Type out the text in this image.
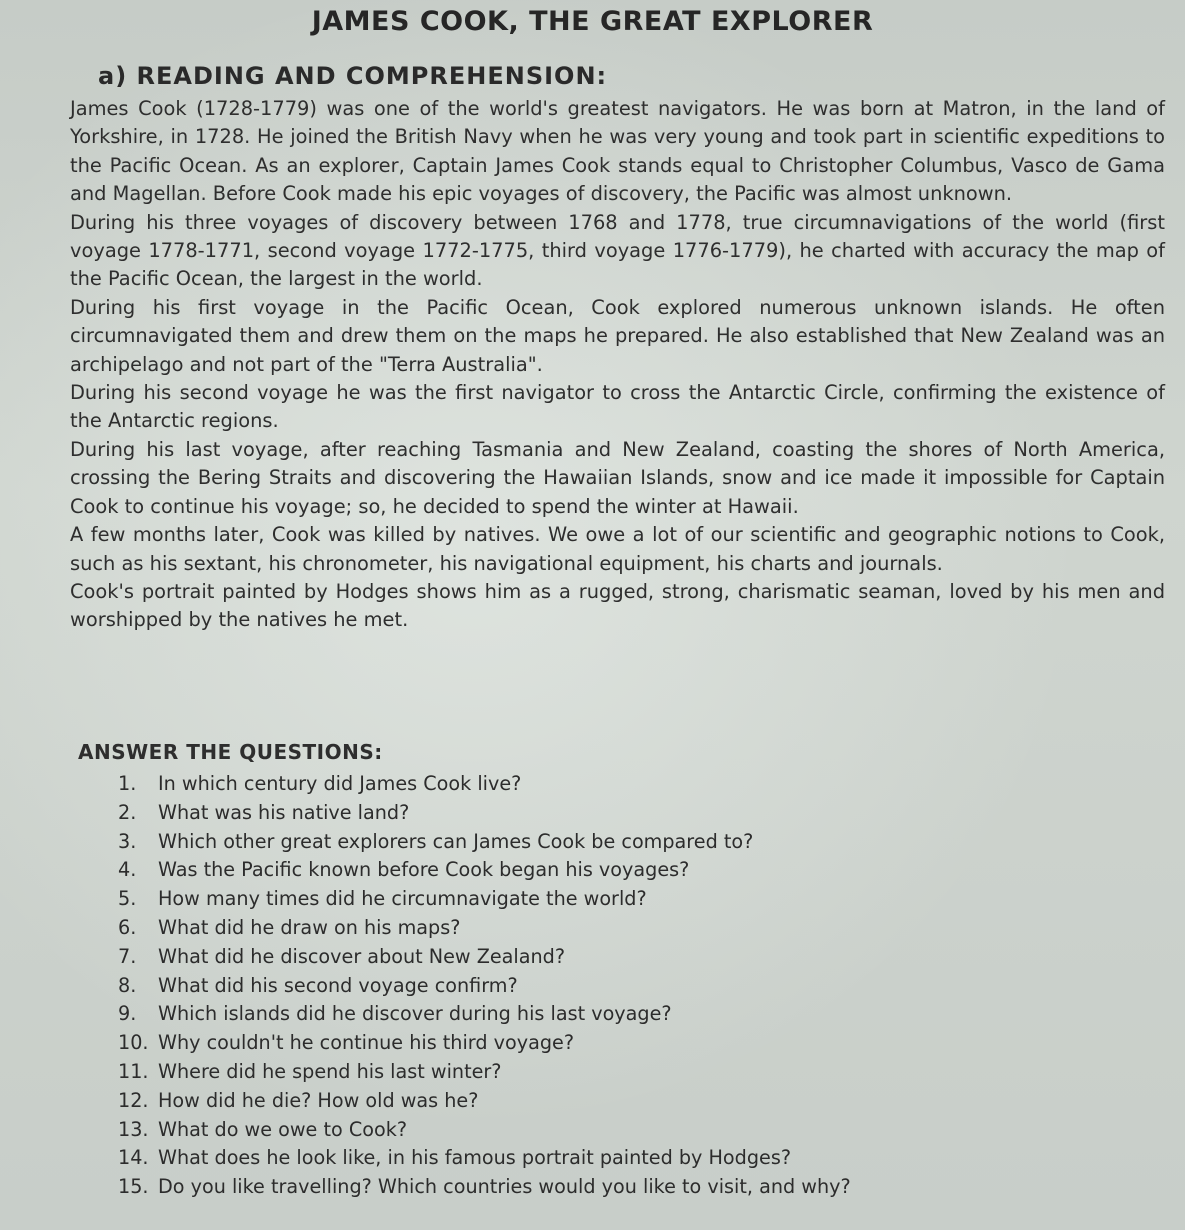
JAMES COOK, THE GREAT EXPLORER
a) READING AND COMPREHENSION:

James Cook (1728-1779) was one of the world's greatest navigators. He was born at Matron, in the land of Yorkshire, in 1728. He joined the British Navy when he was very young and took part in scientific expeditions to the Pacific Ocean. As an explorer, Captain James Cook stands equal to Christopher Columbus, Vasco de Gama and Magellan. Before Cook made his epic voyages of discovery, the Pacific was almost unknown.

During his three voyages of discovery between 1768 and 1778, true circumnavigations of the world (first voyage 1778-1771, second voyage 1772-1775, third voyage 1776-1779), he charted with accuracy the map of the Pacific Ocean, the largest in the world.

During his first voyage in the Pacific Ocean, Cook explored numerous unknown islands. He often circumnavigated them and drew them on the maps he prepared. He also established that New Zealand was an archipelago and not part of the "Terra Australia".

During his second voyage he was the first navigator to cross the Antarctic Circle, confirming the existence of the Antarctic regions.

During his last voyage, after reaching Tasmania and New Zealand, coasting the shores of North America, crossing the Bering Straits and discovering the Hawaiian Islands, snow and ice made it impossible for Captain Cook to continue his voyage; so, he decided to spend the winter at Hawaii.

A few months later, Cook was killed by natives. We owe a lot of our scientific and geographic notions to Cook, such as his sextant, his chronometer, his navigational equipment, his charts and journals.

Cook's portrait painted by Hodges shows him as a rugged, strong, charismatic seaman, loved by his men and worshipped by the natives he met.

ANSWER THE QUESTIONS:
1. In which century did James Cook live?
2. What was his native land?
3. Which other great explorers can James Cook be compared to?
4. Was the Pacific known before Cook began his voyages?
5. How many times did he circumnavigate the world?
6. What did he draw on his maps?
7. What did he discover about New Zealand?
8. What did his second voyage confirm?
9. Which islands did he discover during his last voyage?
10. Why couldn't he continue his third voyage?
11. Where did he spend his last winter?
12. How did he die? How old was he?
13. What do we owe to Cook?
14. What does he look like, in his famous portrait painted by Hodges?
15. Do you like travelling? Which countries would you like to visit, and why?
